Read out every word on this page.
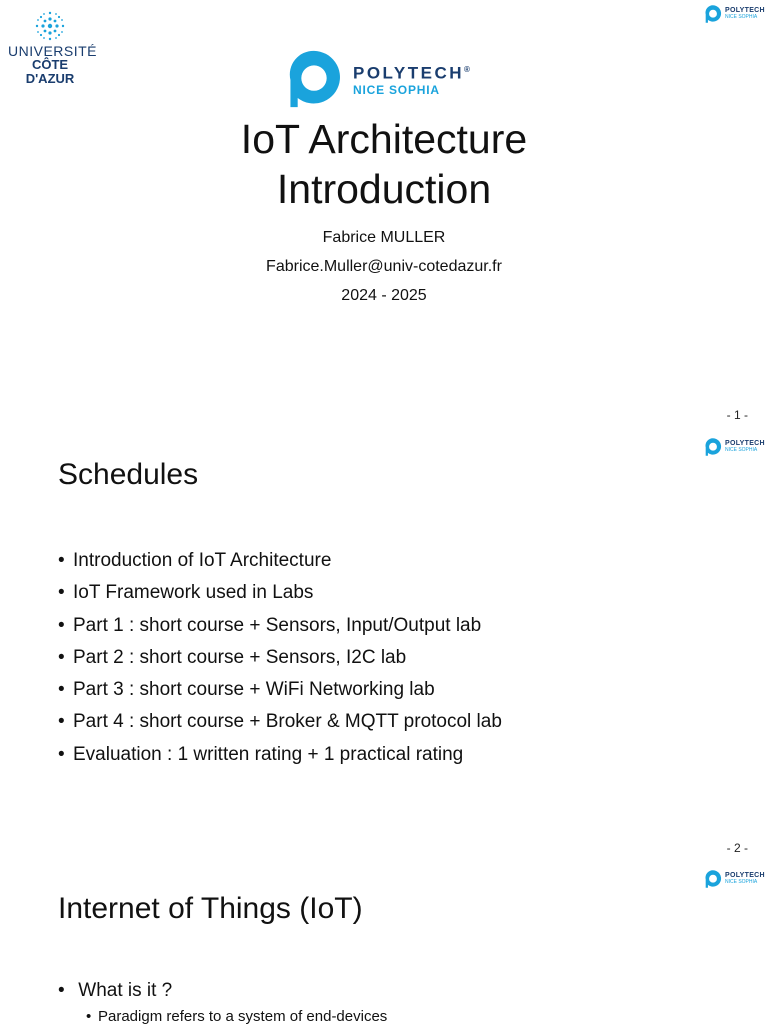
UNIVERSITÉ
CÔTE D'AZUR
POLYTECH
NICE SOPHIA
POLYTECH®
NICE SOPHIA
IoT Architecture
Introduction
Fabrice MULLER
Fabrice.Muller@univ-cotedazur.fr
2024 - 2025
- 1 -
POLYTECH
NICE SOPHIA
Schedules
• Introduction of IoT Architecture
• IoT Framework used in Labs
• Part 1 : short course + Sensors, Input/Output lab
• Part 2 : short course + Sensors, I2C lab
• Part 3 : short course + WiFi Networking lab
• Part 4 : short course + Broker & MQTT protocol lab
• Evaluation : 1 written rating + 1 practical rating
- 2 -
POLYTECH
NICE SOPHIA
Internet of Things (IoT)
• What is it ?
• Paradigm refers to a system of end-devices
